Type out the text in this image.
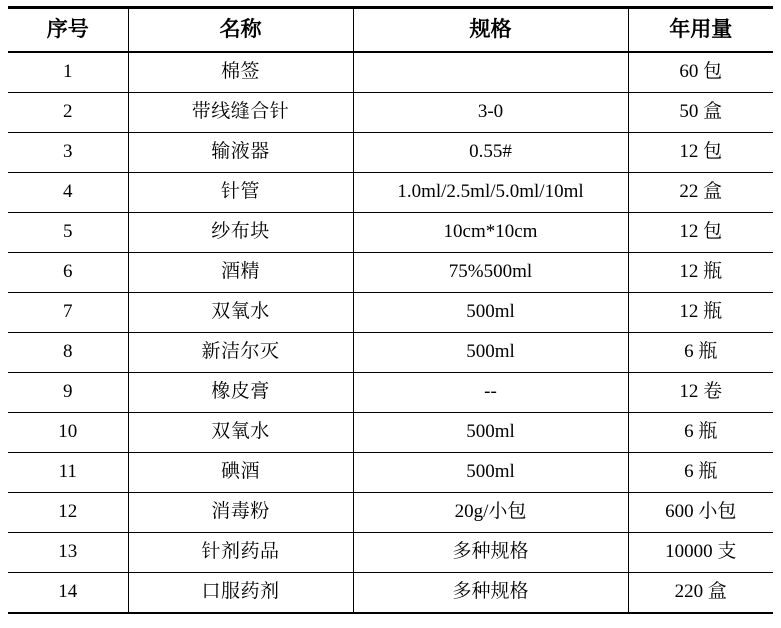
序号	名称	规格	年用量
1	棉签		60 包
2	带线缝合针	3-0	50 盒
3	输液器	0.55#	12 包
4	针管	1.0ml/2.5ml/5.0ml/10ml	22 盒
5	纱布块	10cm*10cm	12 包
6	酒精	75%500ml	12 瓶
7	双氧水	500ml	12 瓶
8	新洁尔灭	500ml	6 瓶
9	橡皮膏	--	12 卷
10	双氧水	500ml	6 瓶
11	碘酒	500ml	6 瓶
12	消毒粉	20g/小包	600 小包
13	针剂药品	多种规格	10000 支
14	口服药剂	多种规格	220 盒
